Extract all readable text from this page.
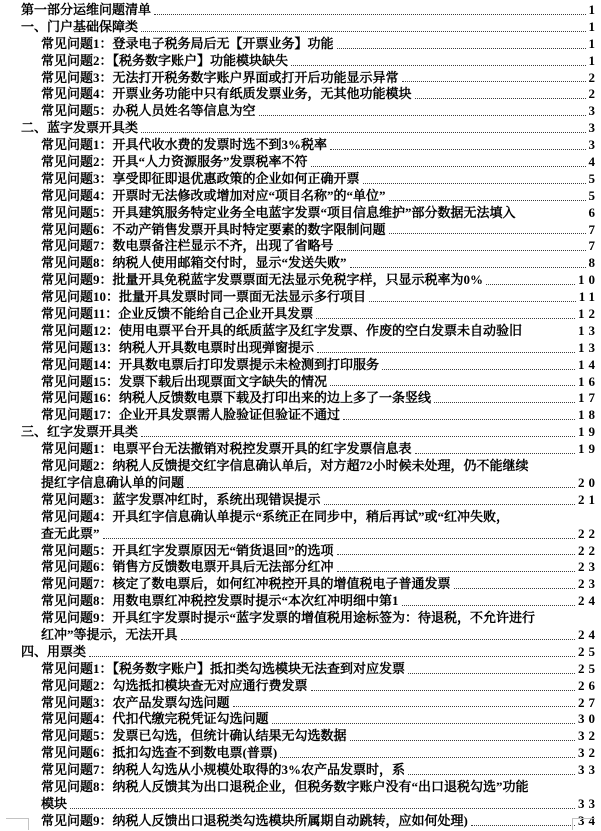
第一部分运维问题清单	1
一、门户基础保障类	1
常见问题1：登录电子税务局后无【开票业务】功能	1
常见问题2：【税务数字账户】功能模块缺失	1
常见问题3：无法打开税务数字账户界面或打开后功能显示异常	2
常见问题4：开票业务功能中只有纸质发票业务，无其他功能模块	2
常见问题5：办税人员姓名等信息为空	3
二、蓝字发票开具类	3
常见问题1：开具代收水费的发票时选不到3%税率	3
常见问题2：开具“人力资源服务”发票税率不符	4
常见问题3：享受即征即退优惠政策的企业如何正确开票	5
常见问题4：开票时无法修改或增加对应“项目名称”的“单位”	5
常见问题5：开具建筑服务特定业务全电蓝字发票“项目信息维护”部分数据无法填入	6
常见问题6：不动产销售发票开具时特定要素的数字限制问题	7
常见问题7：数电票备注栏显示不齐，出现了省略号	7
常见问题8：纳税人使用邮箱交付时，显示“发送失败”	8
常见问题9：批量开具免税蓝字发票票面无法显示免税字样，只显示税率为0%	10
常见问题10：批量开具发票时同一票面无法显示多行项目	11
常见问题11：企业反馈不能给自己企业开具发票	12
常见问题12：使用电票平台开具的纸质蓝字及红字发票、作废的空白发票未自动验旧	13
常见问题13：纳税人开具数电票时出现弹窗提示	13
常见问题14：开具数电票后打印发票提示未检测到打印服务	14
常见问题15：发票下载后出现票面文字缺失的情况	16
常见问题16：纳税人反馈数电票下载及打印出来的边上多了一条竖线	17
常见问题17：企业开具发票需人脸验证但验证不通过	18
三、红字发票开具类	19
常见问题1：电票平台无法撤销对税控发票开具的红字发票信息表	19
常见问题2：纳税人反馈提交红字信息确认单后，对方超72小时候未处理，仍不能继续
提红字信息确认单的问题	20
常见问题3：蓝字发票冲红时，系统出现错误提示	21
常见问题4：开具红字信息确认单提示“系统正在同步中，稍后再试”或“红冲失败，
查无此票”	22
常见问题5：开具红字发票原因无“销货退回”的选项	22
常见问题6：销售方反馈数电票开具后无法部分红冲	23
常见问题7：核定了数电票后，如何红冲税控开具的增值税电子普通发票	23
常见问题8：用数电票红冲税控发票时提示“本次红冲明细中第1	24
常见问题9：开具红字发票时提示“蓝字发票的增值税用途标签为：待退税，不允许进行
红冲”等提示，无法开具	24
四、用票类	25
常见问题1：【税务数字账户】抵扣类勾选模块无法查到对应发票	25
常见问题2：勾选抵扣模块查无对应通行费发票	26
常见问题3：农产品发票勾选问题	27
常见问题4：代扣代缴完税凭证勾选问题	30
常见问题5：发票已勾选，但统计确认结果无勾选数据	32
常见问题6：抵扣勾选查不到数电票(普票)	32
常见问题7：纳税人勾选从小规模处取得的3%农产品发票时，系	33
常见问题8：纳税人反馈其为出口退税企业，但税务数字账户没有“出口退税勾选”功能
模块	33
常见问题9：纳税人反馈出口退税类勾选模块所属期自动跳转，应如何处理)	34
